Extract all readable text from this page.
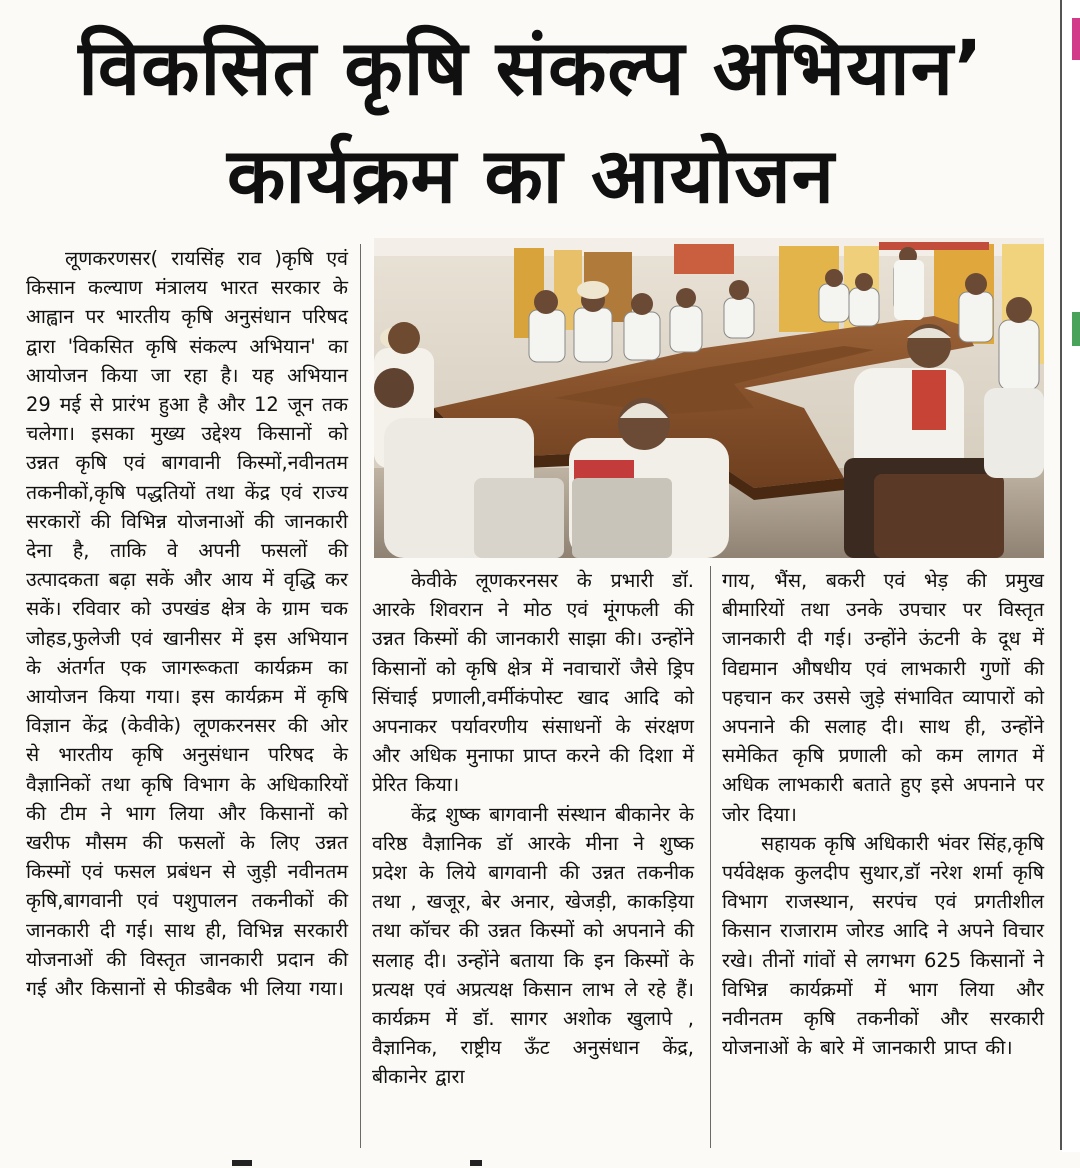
विकसित कृषि संकल्प अभियान’
कार्यक्रम का आयोजन

लूणकरणसर( रायसिंह राव )कृषि एवं किसान कल्याण मंत्रालय भारत सरकार के आह्वान पर भारतीय कृषि अनुसंधान परिषद द्वारा 'विकसित कृषि संकल्प अभियान' का आयोजन किया जा रहा है। यह अभियान 29 मई से प्रारंभ हुआ है और 12 जून तक चलेगा। इसका मुख्य उद्देश्य किसानों को उन्नत कृषि एवं बागवानी किस्मों,नवीनतम तकनीकों,कृषि पद्धतियों तथा केंद्र एवं राज्य सरकारों की विभिन्न योजनाओं की जानकारी देना है, ताकि वे अपनी फसलों की उत्पादकता बढ़ा सकें और आय में वृद्धि कर सकें। रविवार को उपखंड क्षेत्र के ग्राम चक जोहड,फुलेजी एवं खानीसर में इस अभियान के अंतर्गत एक जागरूकता कार्यक्रम का आयोजन किया गया। इस कार्यक्रम में कृषि विज्ञान केंद्र (केवीके) लूणकरनसर की ओर से भारतीय कृषि अनुसंधान परिषद के वैज्ञानिकों तथा कृषि विभाग के अधिकारियों की टीम ने भाग लिया और किसानों को खरीफ मौसम की फसलों के लिए उन्नत किस्मों एवं फसल प्रबंधन से जुड़ी नवीनतम कृषि,बागवानी एवं पशुपालन तकनीकों की जानकारी दी गई। साथ ही, विभिन्न सरकारी योजनाओं की विस्तृत जानकारी प्रदान की गई और किसानों से फीडबैक भी लिया गया।

केवीके लूणकरनसर के प्रभारी डॉ. आरके शिवरान ने मोठ एवं मूंगफली की उन्नत किस्मों की जानकारी साझा की। उन्होंने किसानों को कृषि क्षेत्र में नवाचारों जैसे ड्रिप सिंचाई प्रणाली,वर्मीकंपोस्ट खाद आदि को अपनाकर पर्यावरणीय संसाधनों के संरक्षण और अधिक मुनाफा प्राप्त करने की दिशा में प्रेरित किया।

केंद्र शुष्क बागवानी संस्थान बीकानेर के वरिष्ठ वैज्ञानिक डॉ आरके मीना ने शुष्क प्रदेश के लिये बागवानी की उन्नत तकनीक तथा , खजूर, बेर अनार, खेजड़ी, काकड़िया तथा कॉचर की उन्नत किस्मों को अपनाने की सलाह दी। उन्होंने बताया कि इन किस्मों के प्रत्यक्ष एवं अप्रत्यक्ष किसान लाभ ले रहे हैं। कार्यक्रम में डॉ. सागर अशोक खुलापे , वैज्ञानिक, राष्ट्रीय ऊँट अनुसंधान केंद्र, बीकानेर द्वारा

गाय, भैंस, बकरी एवं भेड़ की प्रमुख बीमारियों तथा उनके उपचार पर विस्तृत जानकारी दी गई। उन्होंने ऊंटनी के दूध में विद्यमान औषधीय एवं लाभकारी गुणों की पहचान कर उससे जुड़े संभावित व्यापारों को अपनाने की सलाह दी। साथ ही, उन्होंने समेकित कृषि प्रणाली को कम लागत में अधिक लाभकारी बताते हुए इसे अपनाने पर जोर दिया।

सहायक कृषि अधिकारी भंवर सिंह,कृषि पर्यवेक्षक कुलदीप सुथार,डॉ नरेश शर्मा कृषि विभाग राजस्थान, सरपंच एवं प्रगतीशील किसान राजाराम जोरड आदि ने अपने विचार रखे। तीनों गांवों से लगभग 625 किसानों ने विभिन्न कार्यक्रमों में भाग लिया और नवीनतम कृषि तकनीकों और सरकारी योजनाओं के बारे में जानकारी प्राप्त की।
